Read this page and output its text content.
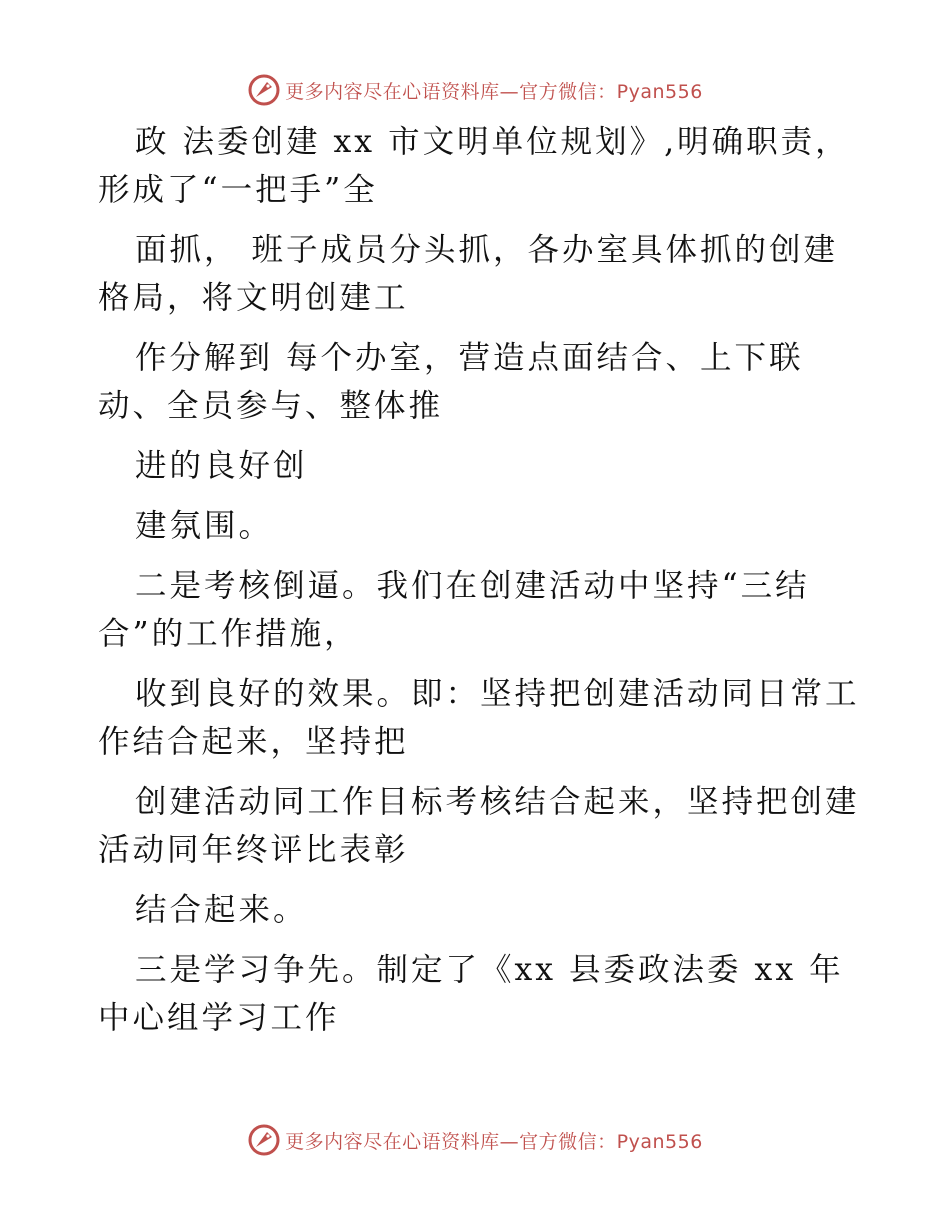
更多内容尽在心语资料库—官方微信：Pyan556

政 法委创建 xx 市文明单位规划》,明确职责，

形成了“一把手”全

面抓， 班子成员分头抓，各办室具体抓的创建

格局，将文明创建工

作分解到 每个办室，营造点面结合、上下联

动、全员参与、整体推

进的良好创

建氛围。

二是考核倒逼。我们在创建活动中坚持“三结

合”的工作措施，

收到良好的效果。即：坚持把创建活动同日常工

作结合起来，坚持把

创建活动同工作目标考核结合起来，坚持把创建

活动同年终评比表彰

结合起来。

三是学习争先。制定了《xx 县委政法委 xx 年

中心组学习工作

更多内容尽在心语资料库—官方微信：Pyan556
